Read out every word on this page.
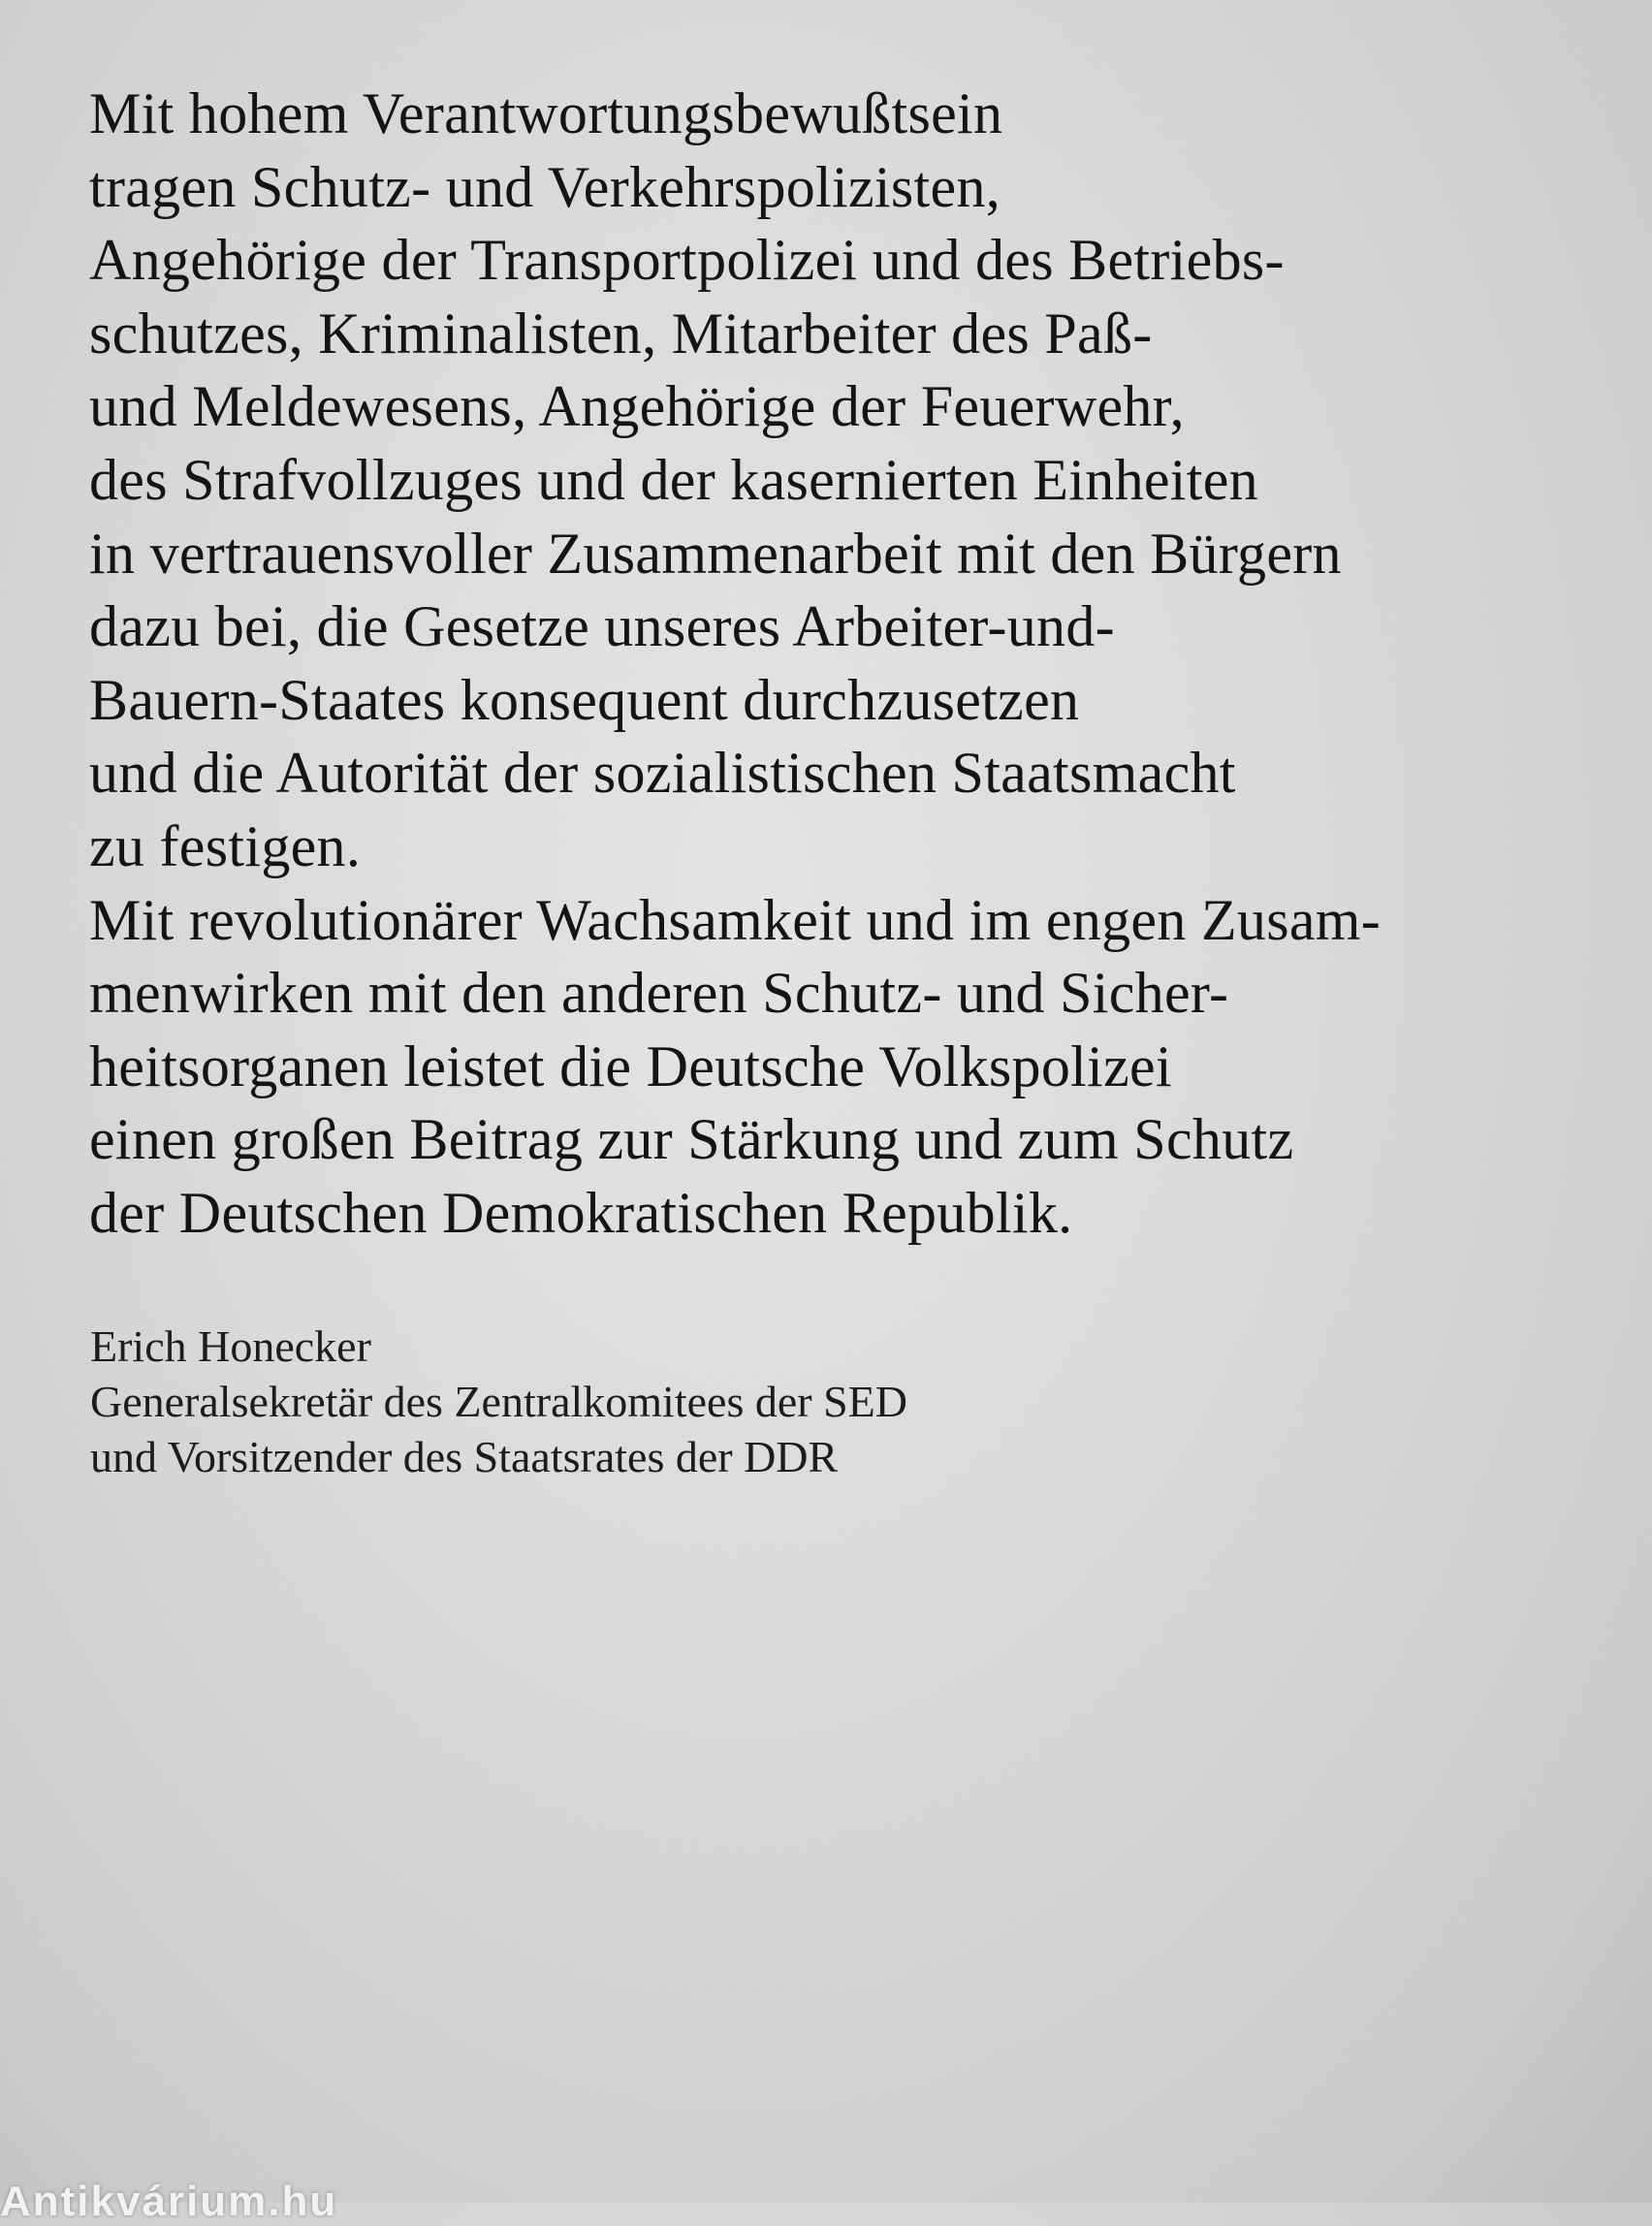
Mit hohem Verantwortungsbewußtsein
tragen Schutz- und Verkehrspolizisten,
Angehörige der Transportpolizei und des Betriebs-
schutzes, Kriminalisten, Mitarbeiter des Paß-
und Meldewesens, Angehörige der Feuerwehr,
des Strafvollzuges und der kasernierten Einheiten
in vertrauensvoller Zusammenarbeit mit den Bürgern
dazu bei, die Gesetze unseres Arbeiter-und-
Bauern-Staates konsequent durchzusetzen
und die Autorität der sozialistischen Staatsmacht
zu festigen.
Mit revolutionärer Wachsamkeit und im engen Zusam-
menwirken mit den anderen Schutz- und Sicher-
heitsorganen leistet die Deutsche Volkspolizei
einen großen Beitrag zur Stärkung und zum Schutz
der Deutschen Demokratischen Republik.
Erich Honecker
Generalsekretär des Zentralkomitees der SED
und Vorsitzender des Staatsrates der DDR
Antikvárium.hu
